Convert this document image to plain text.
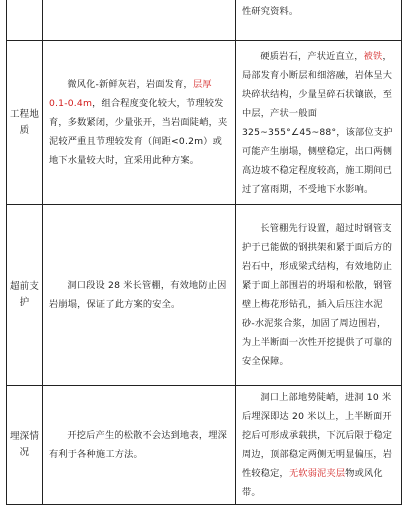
		性研究资料。

工程地质	微风化-新鲜灰岩，岩面发育，层厚 0.1-0.4m，组合程度变化较大，节理较发育，多数紧闭，少量张开，当岩面陡峭，夹泥较严重且节理较发育（间距<0.2m）或地下水量较大时，宜采用此种方案。	硬质岩石，产状近直立，被铁，局部发育小断层和细溶融，岩体呈大块碎状结构，少量呈碎石状镶嵌，至中层，产状一般面 325~355°∠45~88°，该部位支护可能产生崩塌，侧壁稳定，出口两侧高边坡不稳定程度较高，施工期间已过了富雨期，不受地下水影响。

超前支护	洞口段设 28 米长管棚，有效地防止因岩崩塌，保证了此方案的安全。	长管棚先行设置，超过时钢管支护于已能做的钢拱架和紧于面后方的岩石中，形成梁式结构，有效地防止紧于面上部围岩的坍塌和松散，钢管壁上梅花形钻孔，插入后压注水泥砂-水泥浆合浆，加固了周边围岩，为上半断面一次性开挖提供了可靠的安全保障。

埋深情况	开挖后产生的松散不会达到地表，埋深有利于各种施工方法。	洞口上部地势陡峭，进洞 10 米后埋深即达 20 米以上，上半断面开挖后可形成承载拱，下沉后限于稳定周边，顶部稳定两侧无明显偏压，岩性较稳定，无软弱泥夹层物或风化带。
